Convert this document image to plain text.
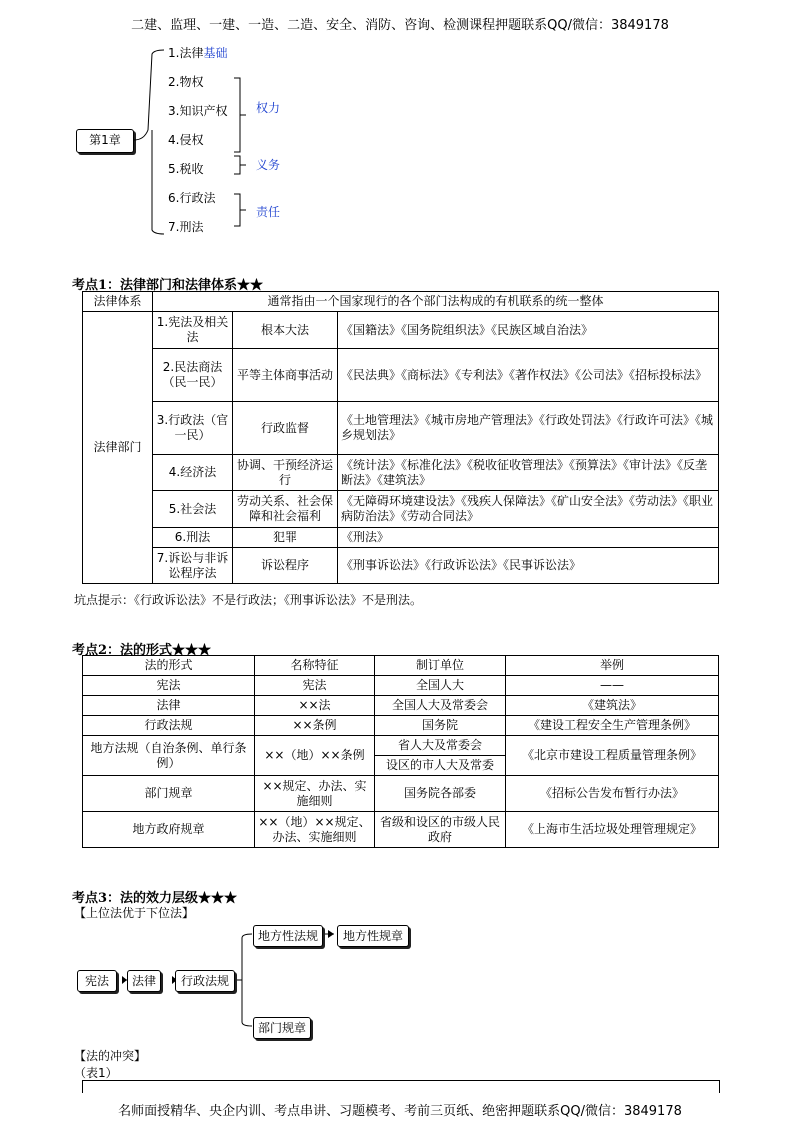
二建、监理、一建、一造、二造、安全、消防、咨询、检测课程押题联系QQ/微信：3849178
名师面授精华、央企内训、考点串讲、习题模考、考前三页纸、绝密押题联系QQ/微信：3849178
第1章
1.法律基础
2.物权
3.知识产权
4.侵权
5.税收
6.行政法
7.刑法
权力
义务
责任
考点1：法律部门和法律体系★★
法律体系	通常指由一个国家现行的各个部门法构成的有机联系的统一整体		
法律部门	1.宪法及相关法	根本大法	《国籍法》《国务院组织法》《民族区域自治法》
	2.民法商法（民一民）	平等主体商事活动	《民法典》《商标法》《专利法》《著作权法》《公司法》《招标投标法》
	3.行政法（官一民）	行政监督	《土地管理法》《城市房地产管理法》《行政处罚法》《行政许可法》《城乡规划法》
	4.经济法	协调、干预经济运行	《统计法》《标准化法》《税收征收管理法》《预算法》《审计法》《反垄断法》《建筑法》
	5.社会法	劳动关系、社会保障和社会福利	《无障碍环境建设法》《残疾人保障法》《矿山安全法》《劳动法》《职业病防治法》《劳动合同法》
	6.刑法	犯罪	《刑法》
	7.诉讼与非诉讼程序法	诉讼程序	《刑事诉讼法》《行政诉讼法》《民事诉讼法》
坑点提示：《行政诉讼法》不是行政法；《刑事诉讼法》不是刑法。
考点2：法的形式★★★
法的形式	名称特征	制订单位	举例
宪法	宪法	全国人大	——
法律	××法	全国人大及常委会	《建筑法》
行政法规	××条例	国务院	《建设工程安全生产管理条例》
地方法规（自治条例、单行条例）	××（地）××条例	省人大及常委会	《北京市建设工程质量管理条例》
		设区的市人大及常委	
部门规章	××规定、办法、实施细则	国务院各部委	《招标公告发布暂行办法》
地方政府规章	××（地）××规定、办法、实施细则	省级和设区的市级人民政府	《上海市生活垃圾处理管理规定》
考点3：法的效力层级★★★
【上位法优于下位法】
宪法	法律	行政法规
地方性法规	地方性规章
部门规章
【法的冲突】
（表1）
